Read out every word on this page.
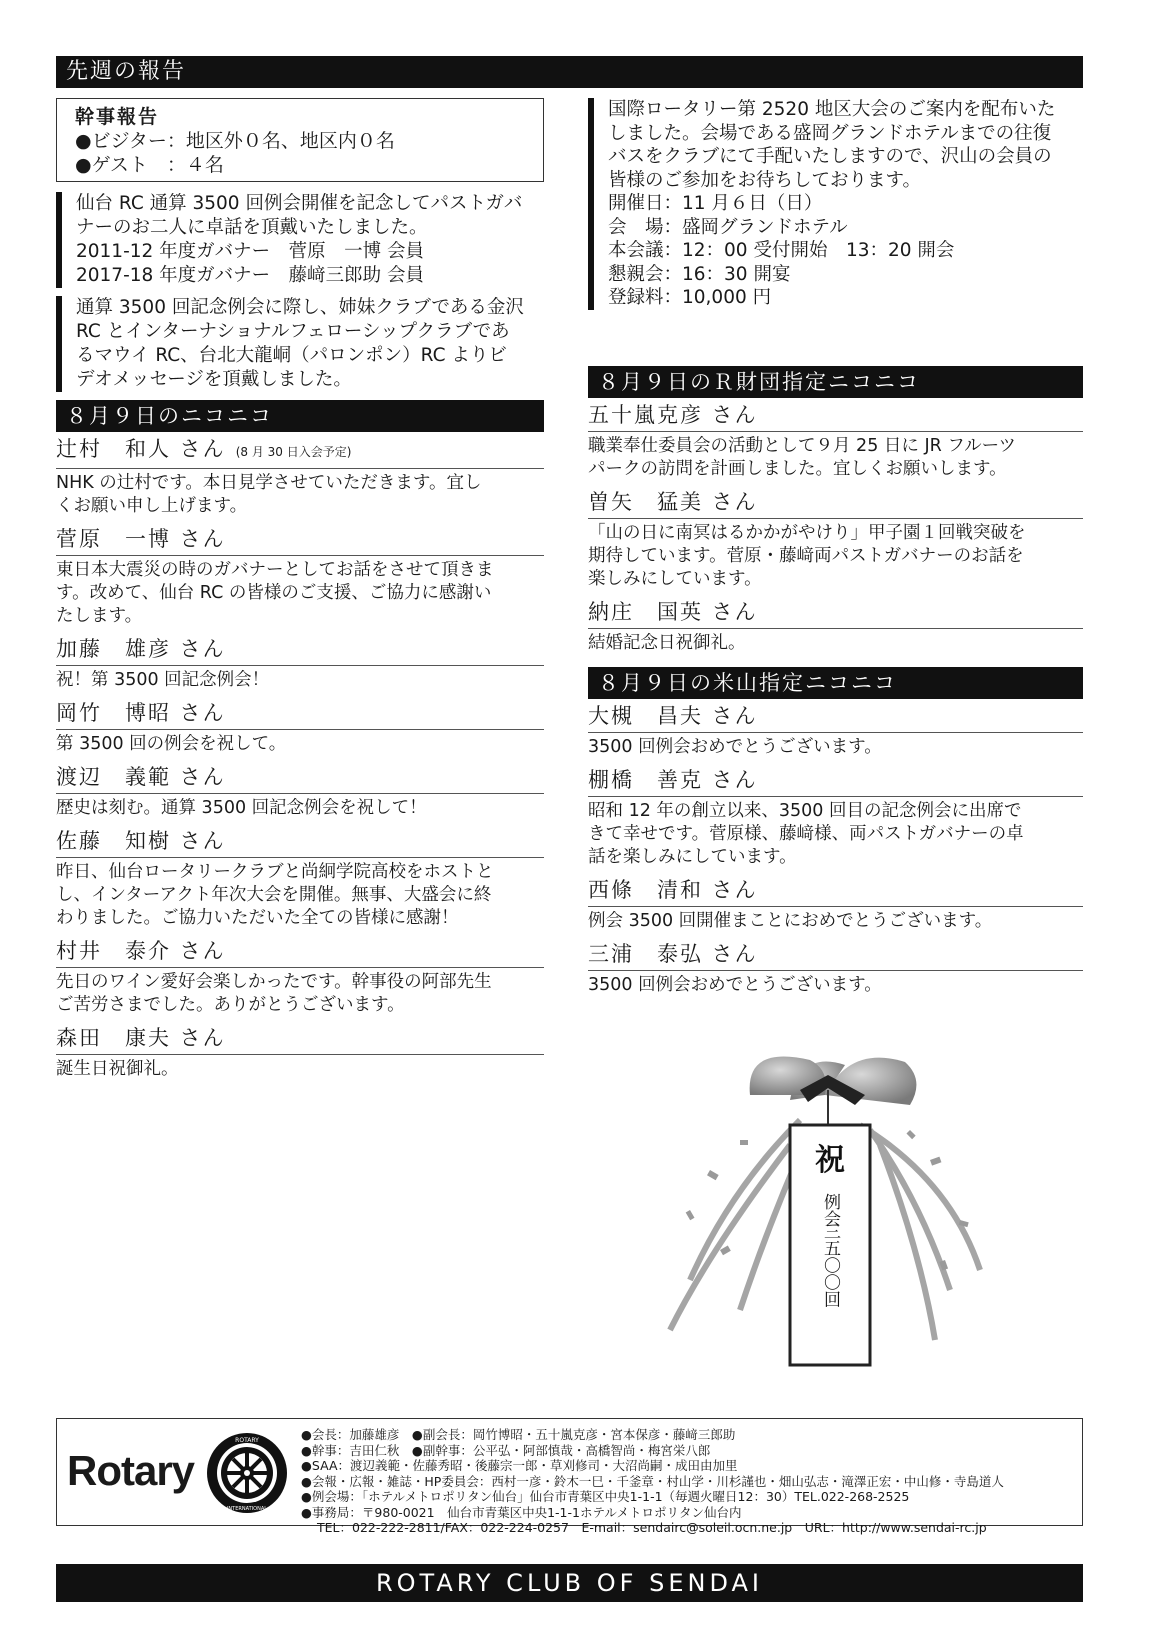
先週の報告
幹事報告
●ビジター：地区外０名、地区内０名
●ゲスト　：４名
仙台 RC 通算 3500 回例会開催を記念してパストガバ
ナーのお二人に卓話を頂戴いたしました。
2011-12 年度ガバナー　菅原　一博 会員
2017-18 年度ガバナー　藤﨑三郎助 会員
通算 3500 回記念例会に際し、姉妹クラブである金沢
RC とインターナショナルフェローシップクラブであ
るマウイ RC、台北大龍峒（パロンポン）RC よりビ
デオメッセージを頂戴しました。
８月９日のニコニコ
辻村　和人 さん (8 月 30 日入会予定)
NHK の辻村です。本日見学させていただきます。宜し
くお願い申し上げます。
菅原　一博 さん
東日本大震災の時のガバナーとしてお話をさせて頂きま
す。改めて、仙台 RC の皆様のご支援、ご協力に感謝い
たします。
加藤　雄彦 さん
祝！第 3500 回記念例会！
岡竹　博昭 さん
第 3500 回の例会を祝して。
渡辺　義範 さん
歴史は刻む。通算 3500 回記念例会を祝して！
佐藤　知樹 さん
昨日、仙台ロータリークラブと尚絅学院高校をホストと
し、インターアクト年次大会を開催。無事、大盛会に終
わりました。ご協力いただいた全ての皆様に感謝！
村井　泰介 さん
先日のワイン愛好会楽しかったです。幹事役の阿部先生
ご苦労さまでした。ありがとうございます。
森田　康夫 さん
誕生日祝御礼。
国際ロータリー第 2520 地区大会のご案内を配布いた
しました。会場である盛岡グランドホテルまでの往復
バスをクラブにて手配いたしますので、沢山の会員の
皆様のご参加をお待ちしております。
開催日：11 月６日（日）
会　場：盛岡グランドホテル
本会議：12：00 受付開始　13：20 開会
懇親会：16：30 開宴
登録料：10,000 円
８月９日のＲ財団指定ニコニコ
五十嵐克彦 さん
職業奉仕委員会の活動として９月 25 日に JR フルーツ
パークの訪問を計画しました。宜しくお願いします。
曽矢　猛美 さん
「山の日に南冥はるかかがやけり」甲子園１回戦突破を
期待しています。菅原・藤﨑両パストガバナーのお話を
楽しみにしています。
納庄　国英 さん
結婚記念日祝御礼。
８月９日の米山指定ニコニコ
大槻　昌夫 さん
3500 回例会おめでとうございます。
棚橋　善克 さん
昭和 12 年の創立以来、3500 回目の記念例会に出席で
きて幸せです。菅原様、藤﨑様、両パストガバナーの卓
話を楽しみにしています。
西條　清和 さん
例会 3500 回開催まことにおめでとうございます。
三浦　泰弘 さん
3500 回例会おめでとうございます。
祝
例会
三五〇〇回
Rotary
ROTARY
INTERNATIONAL
●会長：加藤雄彦　●副会長：岡竹博昭・五十嵐克彦・宮本保彦・藤﨑三郎助
●幹事：吉田仁秋　●副幹事：公平弘・阿部慎哉・高橋智尚・梅宮栄八郎
●SAA：渡辺義範・佐藤秀昭・後藤宗一郎・草刈修司・大沼尚嗣・成田由加里
●会報・広報・雑誌・HP委員会：西村一彦・鈴木一巳・千釜章・村山学・川杉謹也・畑山弘志・滝澤正宏・中山修・寺島道人
●例会場：「ホテルメトロポリタン仙台」仙台市青葉区中央1-1-1（毎週火曜日12：30）TEL.022-268-2525
●事務局：〒980-0021　仙台市青葉区中央1-1-1ホテルメトロポリタン仙台内
TEL：022-222-2811/FAX：022-224-0257　E-mail：sendairc@soleil.ocn.ne.jp　URL：http://www.sendai-rc.jp
ROTARY CLUB OF SENDAI
